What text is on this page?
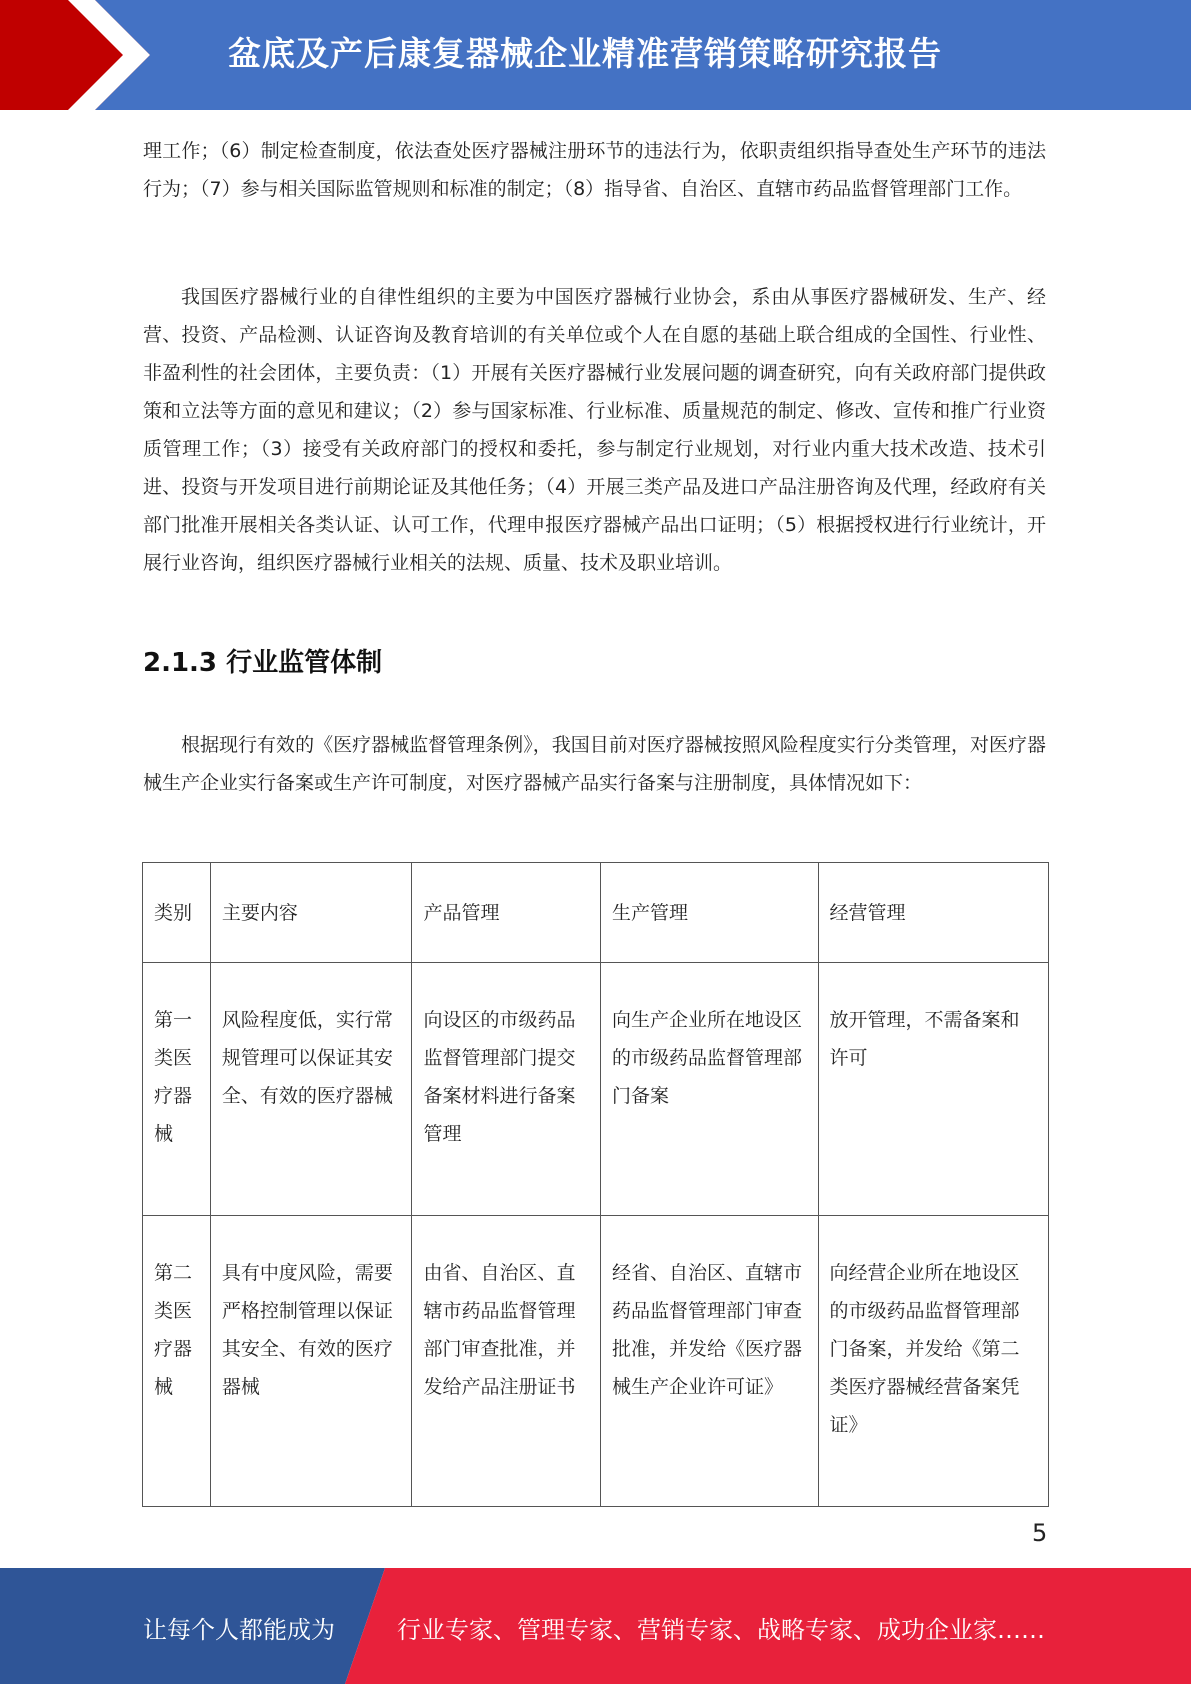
盆底及产后康复器械企业精准营销策略研究报告

理工作；（6）制定检查制度，依法查处医疗器械注册环节的违法行为，依职责组织指导查处生产环节的违法行为；（7）参与相关国际监管规则和标准的制定；（8）指导省、自治区、直辖市药品监督管理部门工作。

我国医疗器械行业的自律性组织的主要为中国医疗器械行业协会，系由从事医疗器械研发、生产、经营、投资、产品检测、认证咨询及教育培训的有关单位或个人在自愿的基础上联合组成的全国性、行业性、非盈利性的社会团体，主要负责：（1）开展有关医疗器械行业发展问题的调查研究，向有关政府部门提供政策和立法等方面的意见和建议；（2）参与国家标准、行业标准、质量规范的制定、修改、宣传和推广行业资质管理工作；（3）接受有关政府部门的授权和委托，参与制定行业规划，对行业内重大技术改造、技术引进、投资与开发项目进行前期论证及其他任务；（4）开展三类产品及进口产品注册咨询及代理，经政府有关部门批准开展相关各类认证、认可工作，代理申报医疗器械产品出口证明；（5）根据授权进行行业统计，开展行业咨询，组织医疗器械行业相关的法规、质量、技术及职业培训。

2.1.3 行业监管体制

根据现行有效的《医疗器械监督管理条例》，我国目前对医疗器械按照风险程度实行分类管理，对医疗器械生产企业实行备案或生产许可制度，对医疗器械产品实行备案与注册制度，具体情况如下：

类别	主要内容	产品管理	生产管理	经营管理
第一类医疗器械	风险程度低，实行常规管理可以保证其安全、有效的医疗器械	向设区的市级药品监督管理部门提交备案材料进行备案管理	向生产企业所在地设区的市级药品监督管理部门备案	放开管理，不需备案和许可
第二类医疗器械	具有中度风险，需要严格控制管理以保证其安全、有效的医疗器械	由省、自治区、直辖市药品监督管理部门审查批准，并发给产品注册证书	经省、自治区、直辖市药品监督管理部门审查批准，并发给《医疗器械生产企业许可证》	向经营企业所在地设区的市级药品监督管理部门备案，并发给《第二类医疗器械经营备案凭证》
5
让每个人都能成为	行业专家、管理专家、营销专家、战略专家、成功企业家……
